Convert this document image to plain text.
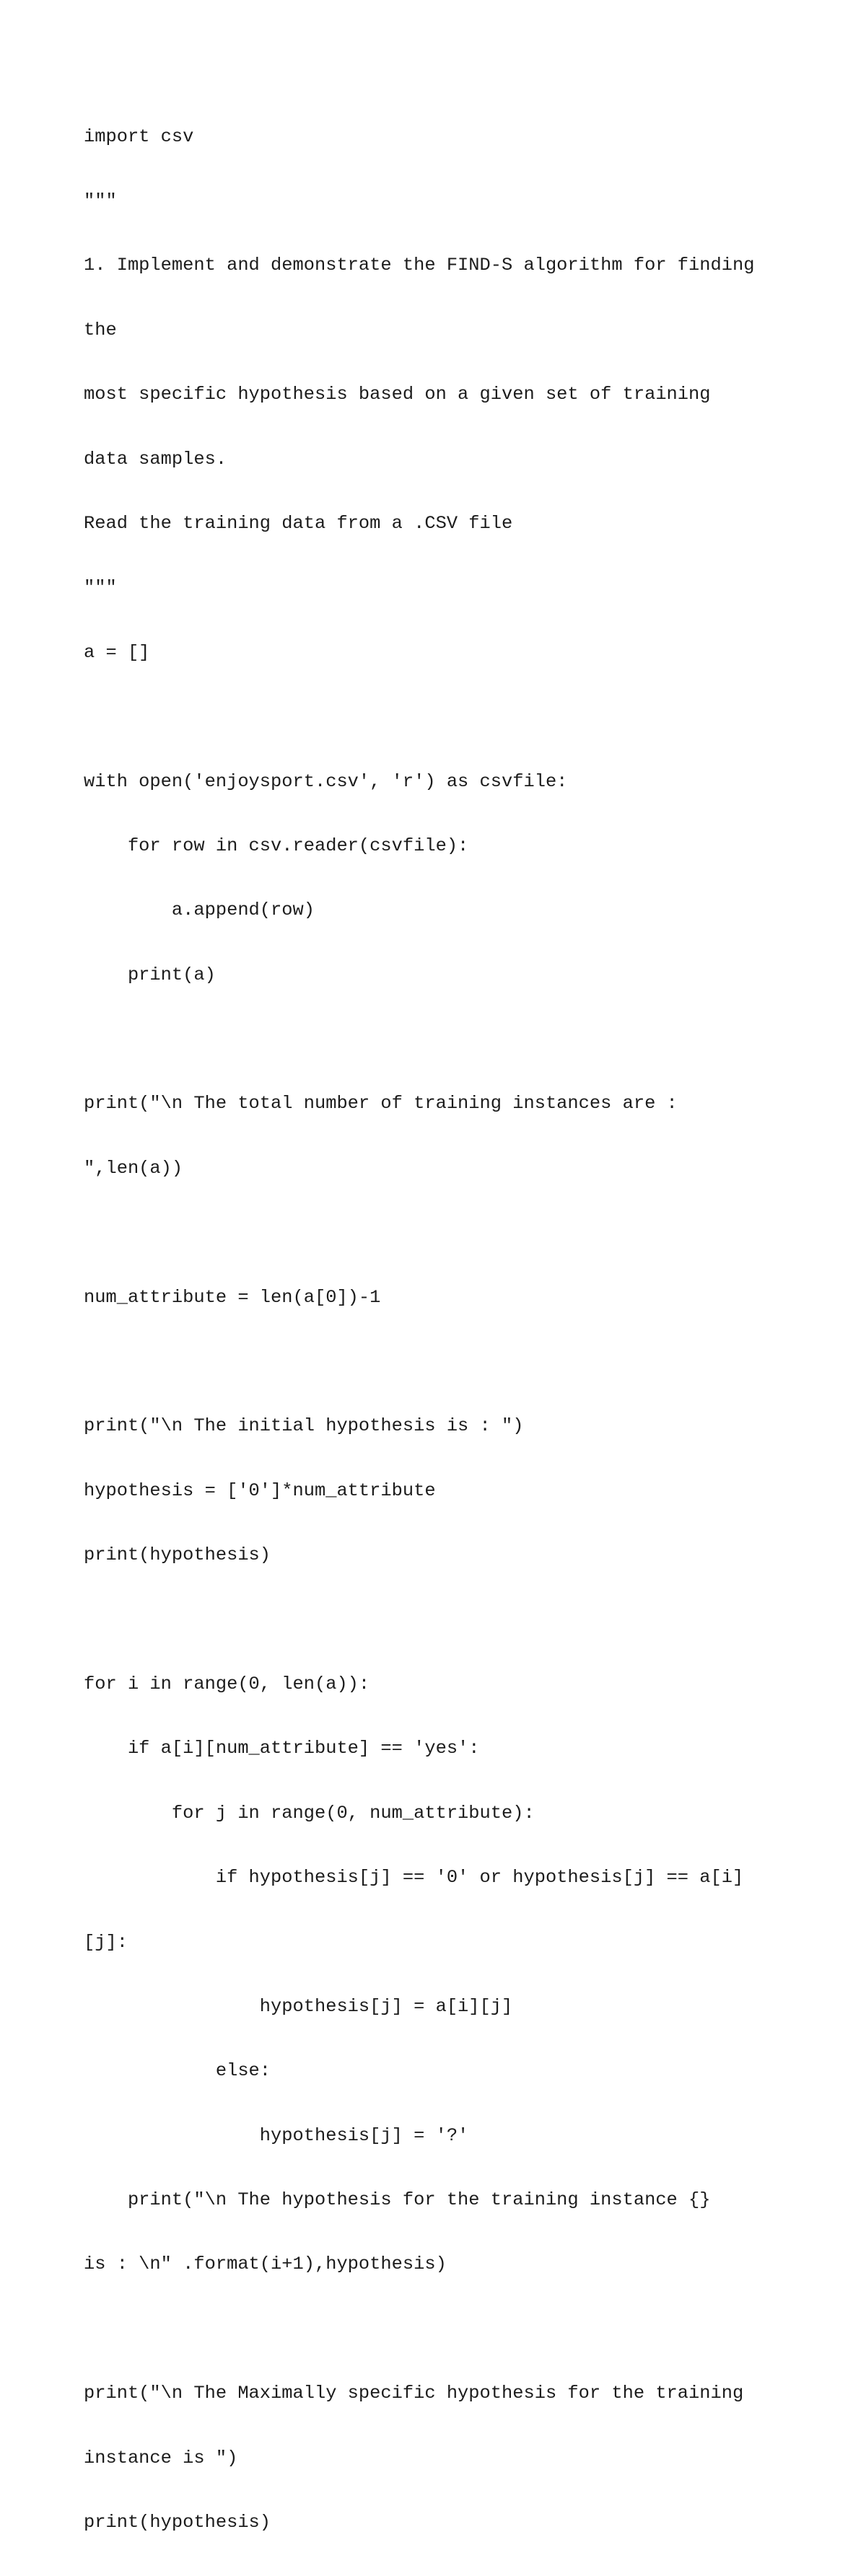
import csv

"""

1. Implement and demonstrate the FIND-S algorithm for finding

the

most specific hypothesis based on a given set of training

data samples.

Read the training data from a .CSV file

"""

a = []

with open('enjoysport.csv', 'r') as csvfile:

for row in csv.reader(csvfile):

a.append(row)

print(a)

print("\n The total number of training instances are :

",len(a))

num_attribute = len(a[0])-1

print("\n The initial hypothesis is : ")

hypothesis = ['0']*num_attribute

print(hypothesis)

for i in range(0, len(a)):

if a[i][num_attribute] == 'yes':

for j in range(0, num_attribute):

if hypothesis[j] == '0' or hypothesis[j] == a[i]

[j]:

hypothesis[j] = a[i][j]

else:

hypothesis[j] = '?'

print("\n The hypothesis for the training instance {}

is : \n" .format(i+1),hypothesis)

print("\n The Maximally specific hypothesis for the training

instance is ")

print(hypothesis)
